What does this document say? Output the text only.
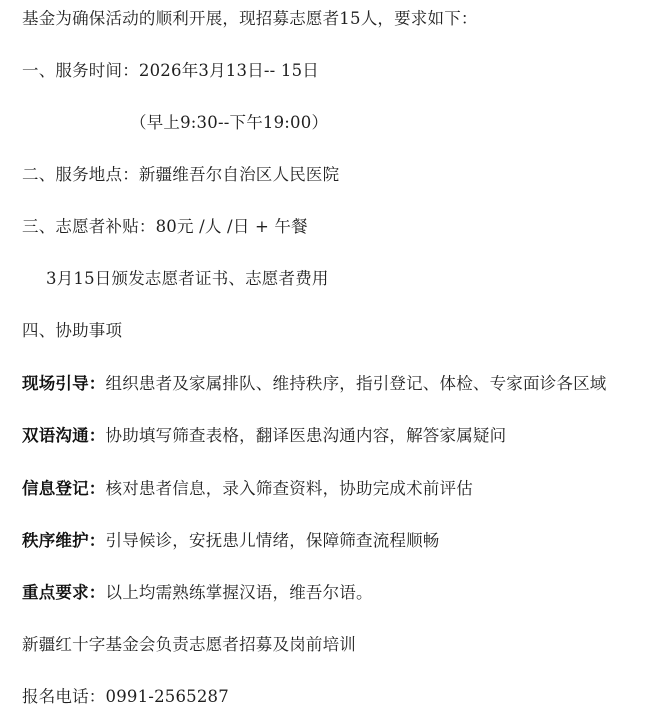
基金为确保活动的顺利开展，现招募志愿者15人，要求如下：
一、服务时间：2026年3月13日-- 15日
（早上9:30--下午19:00）
二、服务地点：新疆维吾尔自治区人民医院
三、志愿者补贴：80元 /人 /日 + 午餐
3月15日颁发志愿者证书、志愿者费用
四、协助事项
现场引导：组织患者及家属排队、维持秩序，指引登记、体检、专家面诊各区域
双语沟通：协助填写筛查表格，翻译医患沟通内容，解答家属疑问
信息登记：核对患者信息，录入筛查资料，协助完成术前评估
秩序维护：引导候诊，安抚患儿情绪，保障筛查流程顺畅
重点要求：以上均需熟练掌握汉语，维吾尔语。
新疆红十字基金会负责志愿者招募及岗前培训
报名电话：0991-2565287
